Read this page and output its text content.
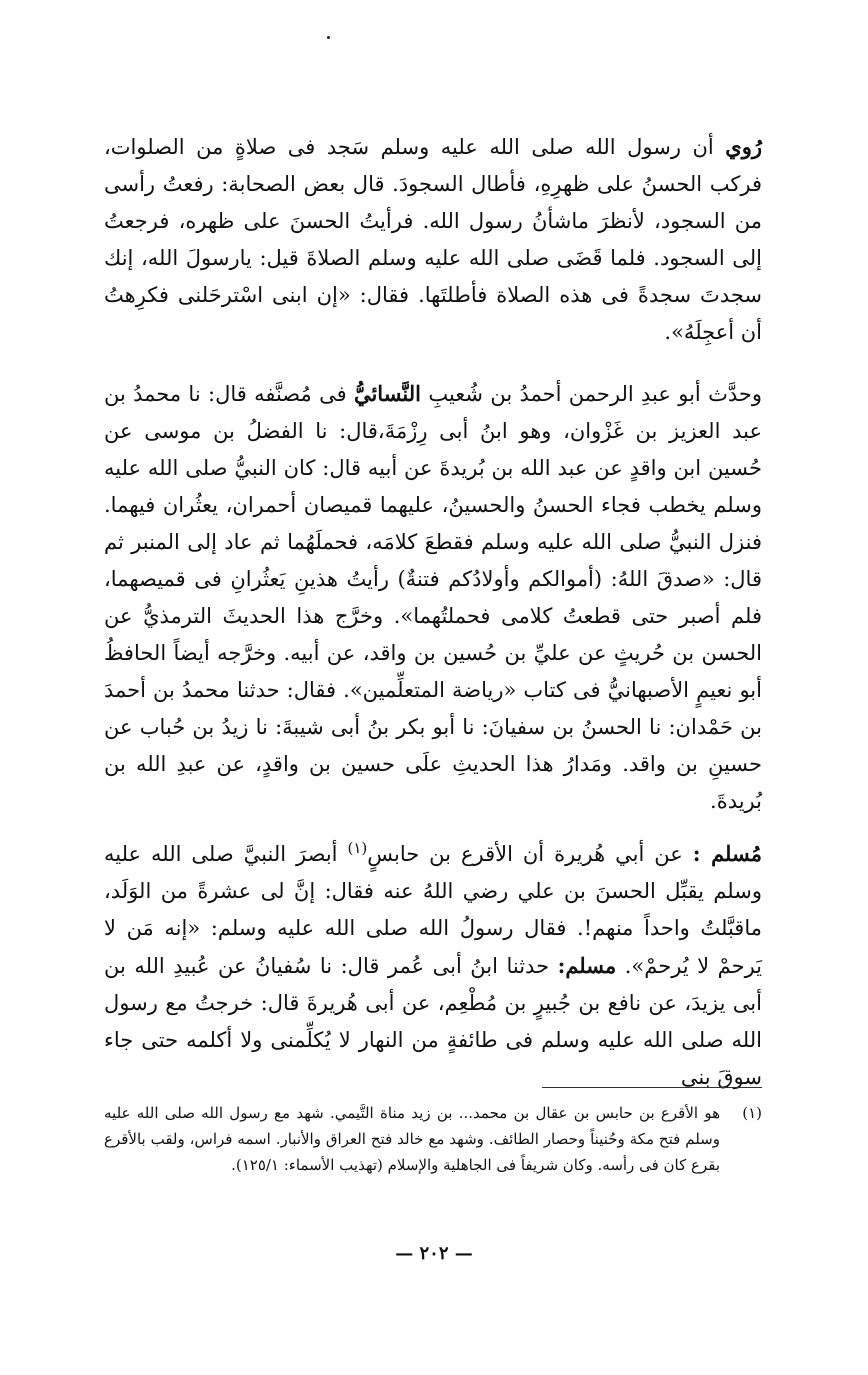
رُوي أن رسول الله صلى الله عليه وسلم سَجد فى صلاةٍ من الصلوات، فركب الحسنُ على ظهرِهِ، فأطال السجودَ. قال بعض الصحابة: رفعتُ رأسى من السجود، لأنظرَ ماشأنُ رسول الله. فرأيتُ الحسنَ على ظهره، فرجعتُ إلى السجود. فلما قَضَى صلى الله عليه وسلم الصلاةَ قيل: يارسولَ الله، إنك سجدتَ سجدةً فى هذه الصلاة فأطلتَها. فقال: «إن ابنى اسْترحَلنى فكرِهتُ أن أعجِلَهُ».

وحدَّث أبو عبدِ الرحمن أحمدُ بن شُعيبِ النَّسائيُّ فى مُصنَّفه قال: نا محمدُ بن عبد العزيز بن غَزْوان، وهو ابنُ أبى رِزْمَةَ،قال: نا الفضلُ بن موسى عن حُسين ابن واقدٍ عن عبد الله بن بُريدةَ عن أبيه قال: كان النبيُّ صلى الله عليه وسلم يخطب فجاء الحسنُ والحسينُ، عليهما قميصان أحمران، يعثُران فيهما. فنزل النبيُّ صلى الله عليه وسلم فقطعَ كلامَه، فحملَهُما ثم عاد إلى المنبر ثم قال: «صدقَ اللهُ: (أموالكم وأولادُكم فتنةٌ) رأيتُ هذينِ يَعثُرانِ فى قميصهما، فلم أصبر حتى قطعتُ كلامى فحملتُهما». وخرَّج هذا الحديثَ الترمذيُّ عن الحسن بن حُريثٍ عن عليِّ بن حُسين بن واقد، عن أبيه. وخرَّجه أيضاً الحافظُ أبو نعيمٍ الأصبهانيُّ فى كتاب «رياضة المتعلِّمين». فقال: حدثنا محمدُ بن أحمدَ بن حَمْدان: نا الحسنُ بن سفيانَ: نا أبو بكر بنُ أبى شيبةَ: نا زيدُ بن حُباب عن حسينِ بن واقد. ومَدارُ هذا الحديثِ علَى حسين بن واقدٍ، عن عبدِ الله بن بُريدةَ.

مُسلم : عن أبي هُريرة أن الأقرع بن حابسٍ$^{(١)}$ أبصرَ النبيَّ صلى الله عليه وسلم يقبِّل الحسنَ بن علي رضي اللهُ عنه فقال: إنَّ لى عشرةً من الوَلَد، ماقبَّلتُ واحداً منهم!. فقال رسولُ الله صلى الله عليه وسلم: «إنه مَن لا يَرحمْ لا يُرحمْ». مسلم: حدثنا ابنُ أبى عُمر قال: نا سُفيانُ عن عُبيدِ الله بن أبى يزيدَ، عن نافع بن جُبيرٍ بن مُطْعِم، عن أبى هُريرةَ قال: خرجتُ مع رسول الله صلى الله عليه وسلم فى طائفةٍ من النهار لا يُكلِّمنى ولا أكلمه حتى جاء سوقَ بنى

(١)
هو الأقرع بن حابس بن عقال بن محمد... بن زيد مناة التَّيمي. شهد مع رسول الله صلى الله عليه وسلم فتح مكة وحُنيناً وحصار الطائف. وشهد مع خالد فتح العراق والأنبار. اسمه فراس، ولقب بالأقرع بقرع كان فى رأسه. وكان شريفاً فى الجاهلية والإسلام (تهذيب الأسماء: ١٢٥/١).
— ٢٠٢ —
